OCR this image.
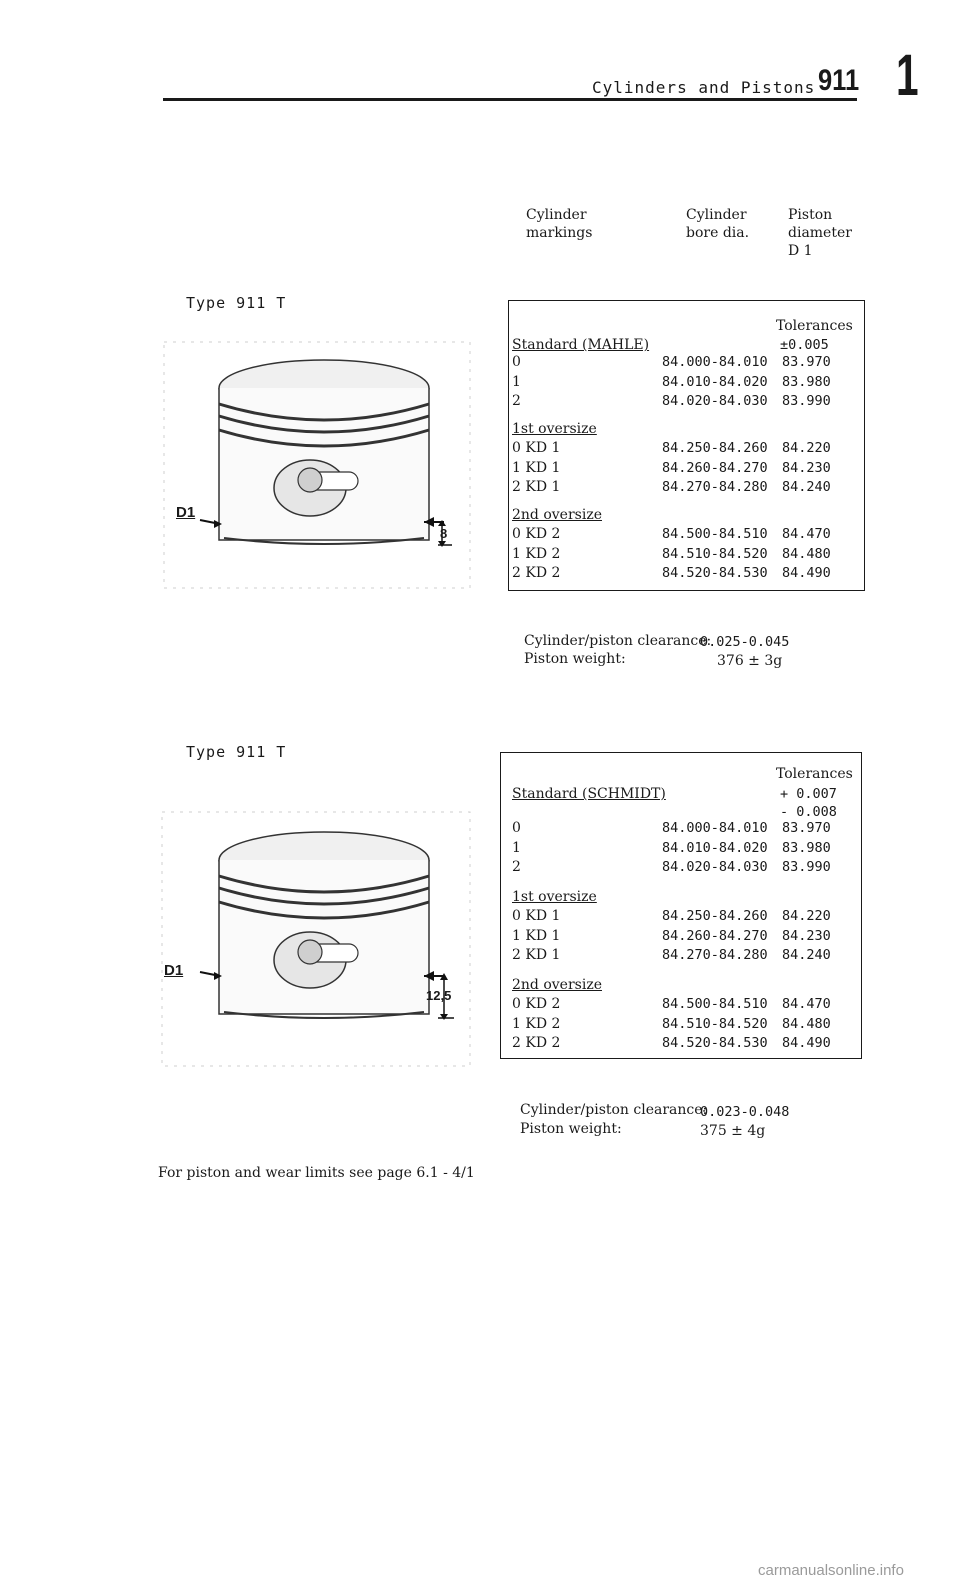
Cylinders and Pistons 911 1
Cylinder
markings
Cylinder
bore dia.
Piston
diameter
D 1
Type 911 T
D1
8
Tolerances
±0.005
Standard (MAHLE)
0	84.000-84.010 83.970
1	84.010-84.020 83.980
2	84.020-84.030 83.990
1st oversize
0 KD 1	84.250-84.260 84.220
1 KD 1	84.260-84.270 84.230
2 KD 1	84.270-84.280 84.240
2nd oversize
0 KD 2	84.500-84.510 84.470
1 KD 2	84.510-84.520 84.480
2 KD 2	84.520-84.530 84.490
Cylinder/piston clearance:
0.025-0.045
Piston weight:	376 ± 3g
Type 911 T
D1
12,5
Tolerances
+ 0.007
- 0.008
Standard (SCHMIDT)
0	84.000-84.010 83.970
1	84.010-84.020 83.980
2	84.020-84.030 83.990
1st oversize
0 KD 1	84.250-84.260 84.220
1 KD 1	84.260-84.270 84.230
2 KD 1	84.270-84.280 84.240
2nd oversize
0 KD 2	84.500-84.510 84.470
1 KD 2	84.510-84.520 84.480
2 KD 2	84.520-84.530 84.490
Cylinder/piston clearance:
0.023-0.048
Piston weight:	375 ± 4g
For piston and wear limits see page 6.1 - 4/1
carmanualsonline.info
